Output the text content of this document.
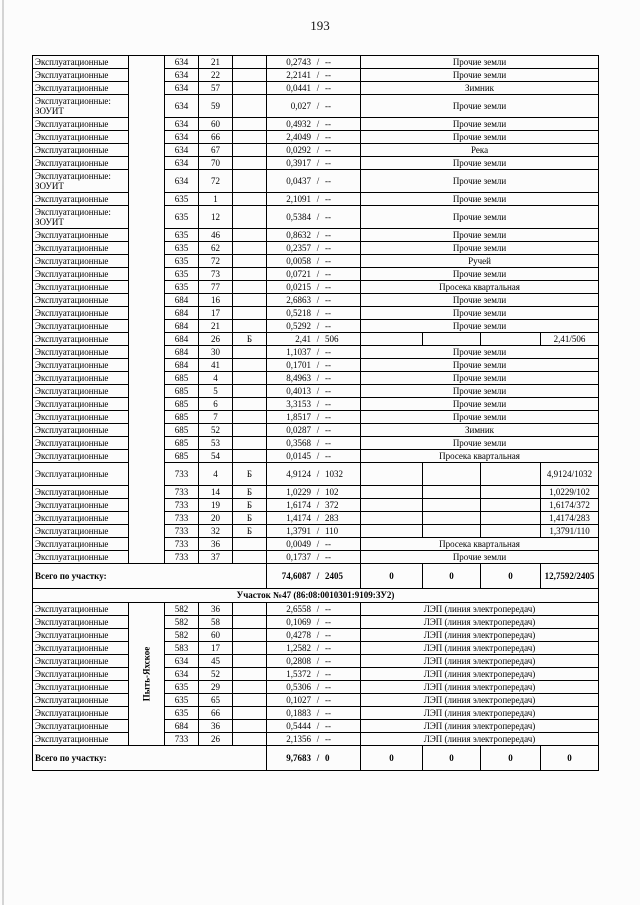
193
Эксплуатационные		634	21		0,2743 / --	Прочие земли			
Эксплуатационные		634	22		2,2141 / --	Прочие земли			
Эксплуатационные		634	57		0,0441 / --	Зимник			
Эксплуатационные: ЗОУИТ		634	59		0,027 / --	Прочие земли			
Эксплуатационные		634	60		0,4932 / --	Прочие земли			
Эксплуатационные		634	66		2,4049 / --	Прочие земли			
Эксплуатационные		634	67		0,0292 / --	Река			
Эксплуатационные		634	70		0,3917 / --	Прочие земли			
Эксплуатационные: ЗОУИТ		634	72		0,0437 / --	Прочие земли			
Эксплуатационные		635	1		2,1091 / --	Прочие земли			
Эксплуатационные: ЗОУИТ		635	12		0,5384 / --	Прочие земли			
Эксплуатационные		635	46		0,8632 / --	Прочие земли			
Эксплуатационные		635	62		0,2357 / --	Прочие земли			
Эксплуатационные		635	72		0,0058 / --	Ручей			
Эксплуатационные		635	73		0,0721 / --	Прочие земли			
Эксплуатационные		635	77		0,0215 / --	Просека квартальная			
Эксплуатационные		684	16		2,6863 / --	Прочие земли			
Эксплуатационные		684	17		0,5218 / --	Прочие земли			
Эксплуатационные		684	21		0,5292 / --	Прочие земли			
Эксплуатационные		684	26	Б	2,41 / 506				2,41/506
Эксплуатационные		684	30		1,1037 / --	Прочие земли			
Эксплуатационные		684	41		0,1701 / --	Прочие земли			
Эксплуатационные		685	4		8,4963 / --	Прочие земли			
Эксплуатационные		685	5		0,4013 / --	Прочие земли			
Эксплуатационные		685	6		3,3153 / --	Прочие земли			
Эксплуатационные		685	7		1,8517 / --	Прочие земли			
Эксплуатационные		685	52		0,0287 / --	Зимник			
Эксплуатационные		685	53		0,3568 / --	Прочие земли			
Эксплуатационные		685	54		0,0145 / --	Просека квартальная			
Эксплуатационные		733	4	Б	4,9124 / 1032				4,9124/1032
Эксплуатационные		733	14	Б	1,0229 / 102				1,0229/102
Эксплуатационные		733	19	Б	1,6174 / 372				1,6174/372
Эксплуатационные		733	20	Б	1,4174 / 283				1,4174/283
Эксплуатационные		733	32	Б	1,3791 / 110				1,3791/110
Эксплуатационные		733	36		0,0049 / --	Просека квартальная			
Эксплуатационные		733	37		0,1737 / --	Прочие земли			
Всего по участку:					74,6087 / 2405	0	0	0	12,7592/2405
Участок №47 (86:08:0010301:9109:ЗУ2)									
Эксплуатационные	Пыть-Яхское	582	36		2,6558 / --	ЛЭП (линия электропередач)			
Эксплуатационные		582	58		0,1069 / --	ЛЭП (линия электропередач)			
Эксплуатационные		582	60		0,4278 / --	ЛЭП (линия электропередач)			
Эксплуатационные		583	17		1,2582 / --	ЛЭП (линия электропередач)			
Эксплуатационные		634	45		0,2808 / --	ЛЭП (линия электропередач)			
Эксплуатационные		634	52		1,5372 / --	ЛЭП (линия электропередач)			
Эксплуатационные		635	29		0,5306 / --	ЛЭП (линия электропередач)			
Эксплуатационные		635	65		0,1027 / --	ЛЭП (линия электропередач)			
Эксплуатационные		635	66		0,1883 / --	ЛЭП (линия электропередач)			
Эксплуатационные		684	36		0,5444 / --	ЛЭП (линия электропередач)			
Эксплуатационные		733	26		2,1356 / --	ЛЭП (линия электропередач)			
Всего по участку:					9,7683 / 0	0	0	0	0
